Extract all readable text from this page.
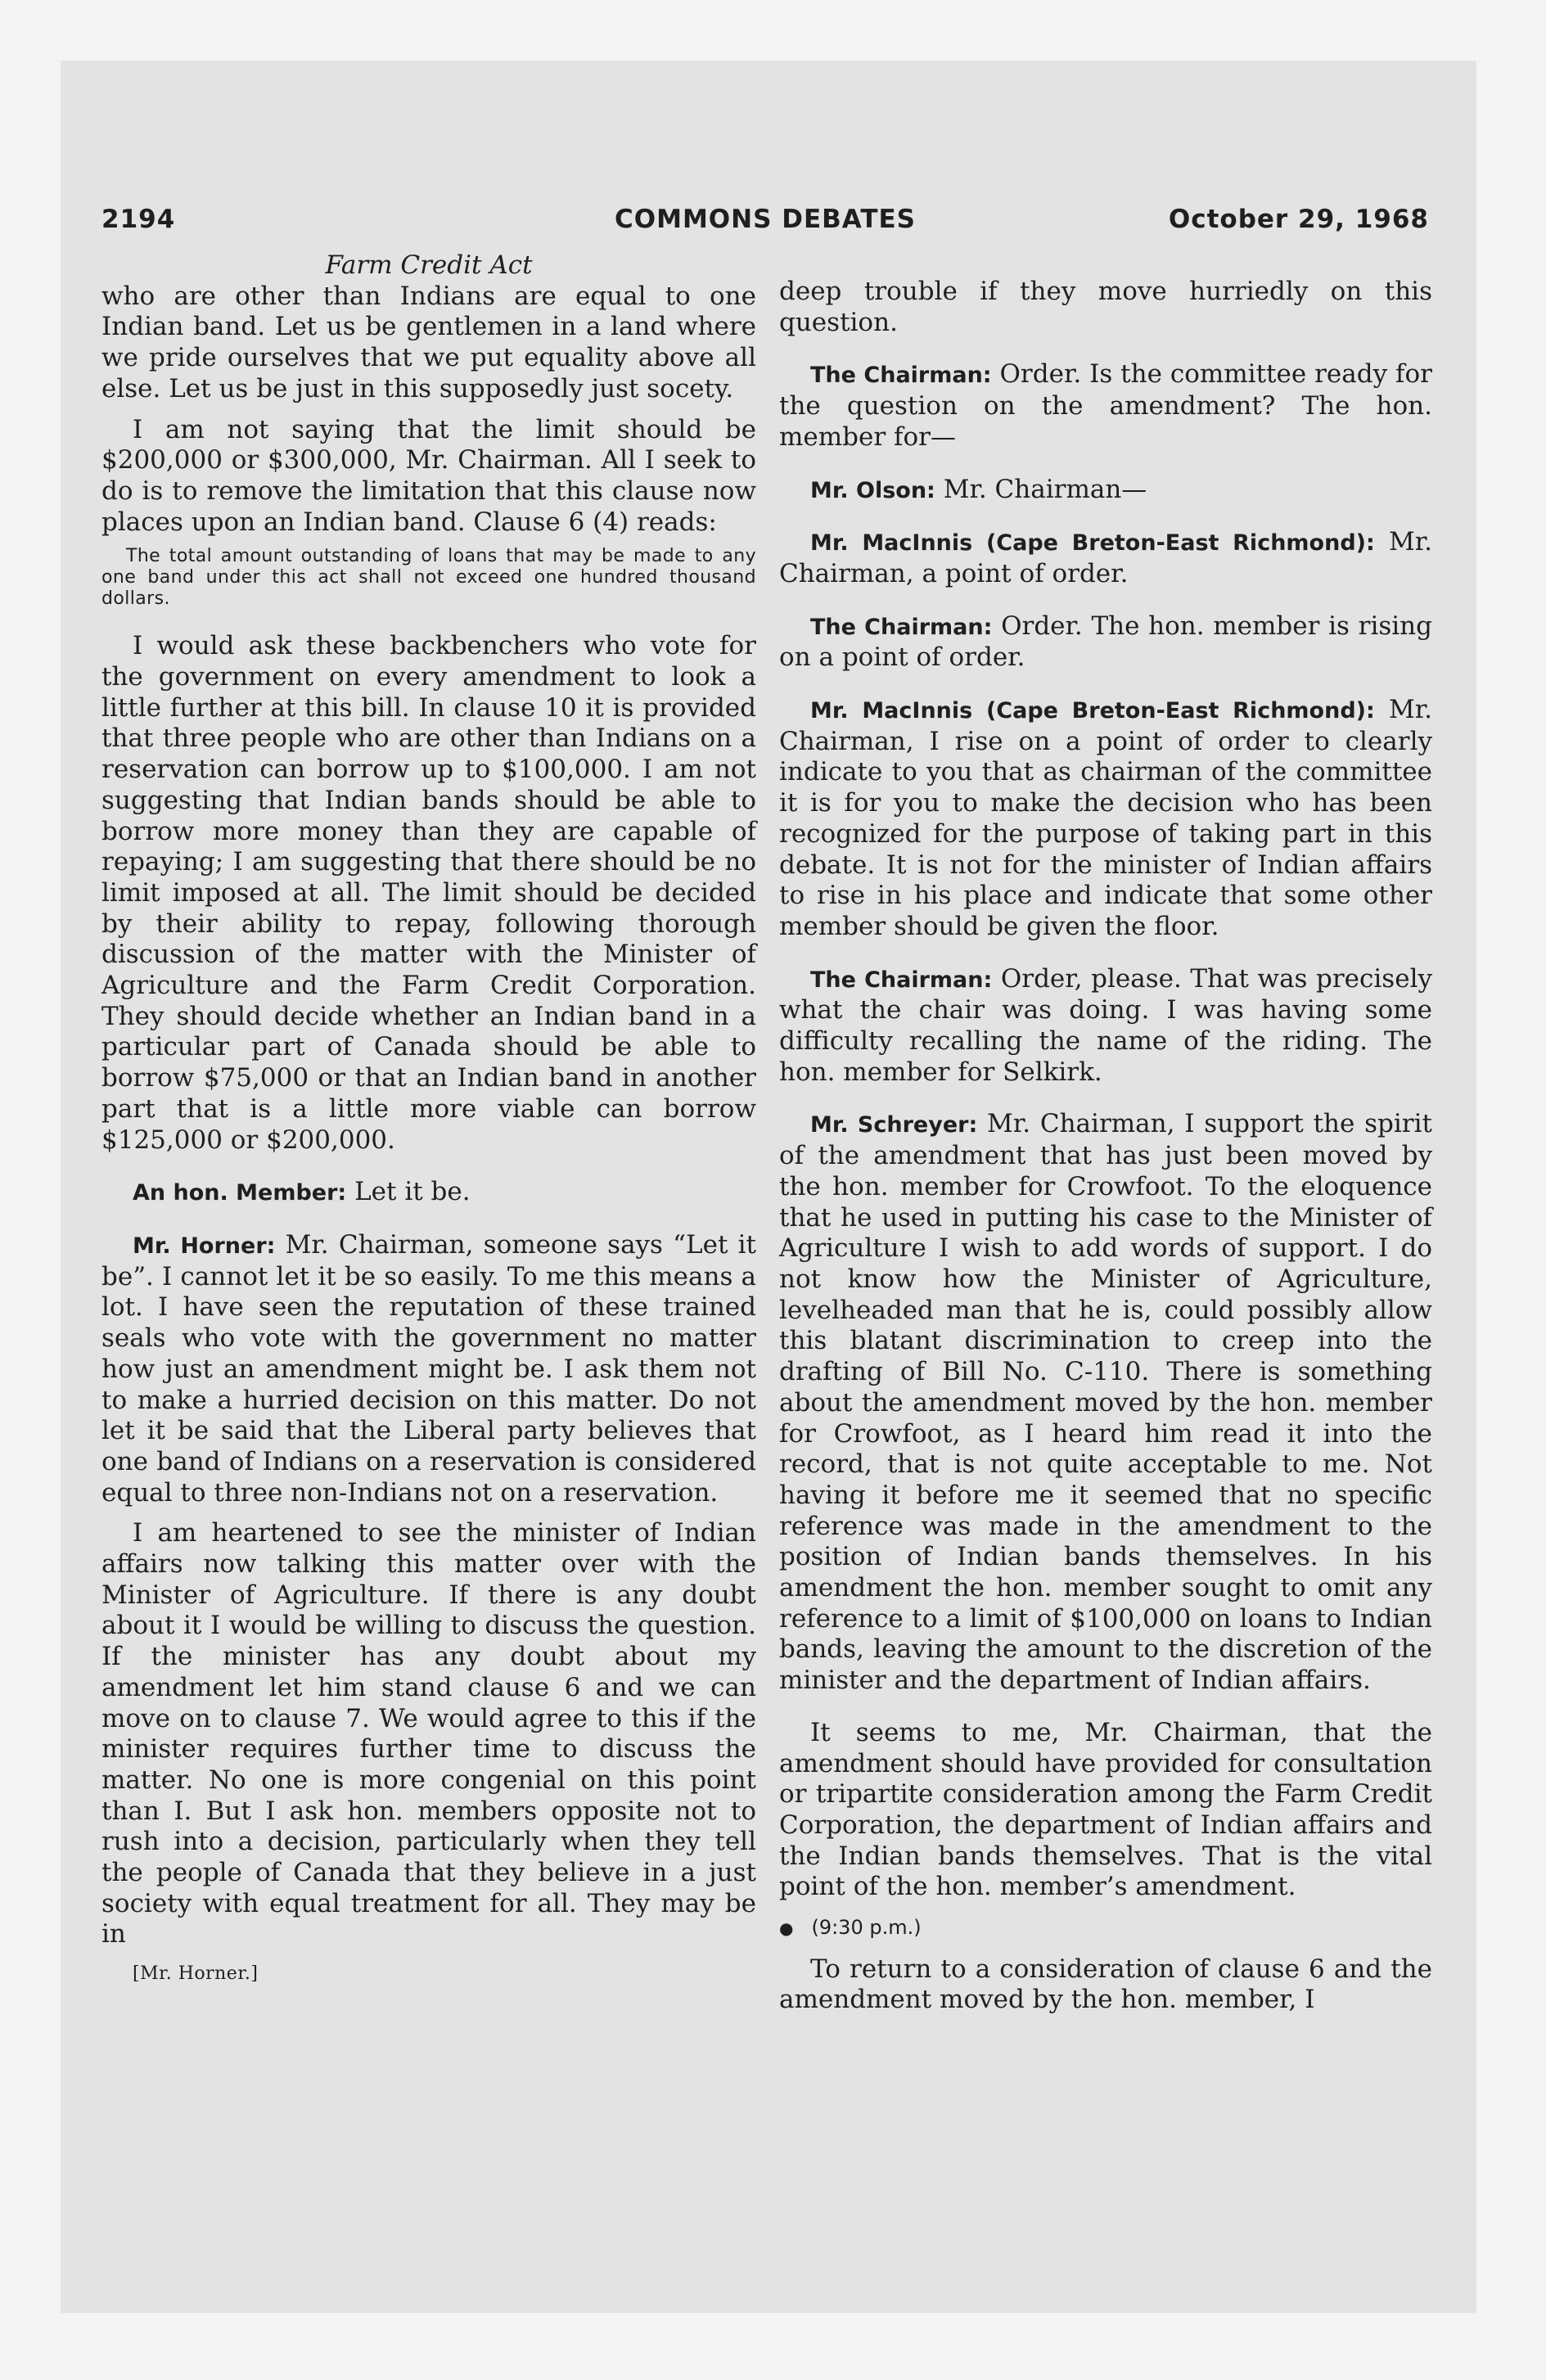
2194	COMMONS DEBATES	October 29, 1968

Farm Credit Act

who are other than Indians are equal to one Indian band. Let us be gentlemen in a land where we pride ourselves that we put equality above all else. Let us be just in this supposedly just socety.

I am not saying that the limit should be $200,000 or $300,000, Mr. Chairman. All I seek to do is to remove the limitation that this clause now places upon an Indian band. Clause 6 (4) reads:

The total amount outstanding of loans that may be made to any one band under this act shall not exceed one hundred thousand dollars.

I would ask these backbenchers who vote for the government on every amendment to look a little further at this bill. In clause 10 it is provided that three people who are other than Indians on a reservation can borrow up to $100,000. I am not suggesting that Indian bands should be able to borrow more money than they are capable of repaying; I am suggesting that there should be no limit imposed at all. The limit should be decided by their ability to repay, following thorough discussion of the matter with the Minister of Agriculture and the Farm Credit Corporation. They should decide whether an Indian band in a particular part of Canada should be able to borrow $75,000 or that an Indian band in another part that is a little more viable can borrow $125,000 or $200,000.

An hon. Member: Let it be.

Mr. Horner: Mr. Chairman, someone says “Let it be”. I cannot let it be so easily. To me this means a lot. I have seen the reputation of these trained seals who vote with the government no matter how just an amendment might be. I ask them not to make a hurried decision on this matter. Do not let it be said that the Liberal party believes that one band of Indians on a reservation is considered equal to three non-Indians not on a reservation.

I am heartened to see the minister of Indian affairs now talking this matter over with the Minister of Agriculture. If there is any doubt about it I would be willing to discuss the question. If the minister has any doubt about my amendment let him stand clause 6 and we can move on to clause 7. We would agree to this if the minister requires further time to discuss the matter. No one is more congenial on this point than I. But I ask hon. members opposite not to rush into a decision, particularly when they tell the people of Canada that they believe in a just society with equal treatment for all. They may be in

[Mr. Horner.]

deep trouble if they move hurriedly on this question.

The Chairman: Order. Is the committee ready for the question on the amendment? The hon. member for—

Mr. Olson: Mr. Chairman—

Mr. MacInnis (Cape Breton-East Richmond): Mr. Chairman, a point of order.

The Chairman: Order. The hon. member is rising on a point of order.

Mr. MacInnis (Cape Breton-East Richmond): Mr. Chairman, I rise on a point of order to clearly indicate to you that as chairman of the committee it is for you to make the decision who has been recognized for the purpose of taking part in this debate. It is not for the minister of Indian affairs to rise in his place and indicate that some other member should be given the floor.

The Chairman: Order, please. That was precisely what the chair was doing. I was having some difficulty recalling the name of the riding. The hon. member for Selkirk.

Mr. Schreyer: Mr. Chairman, I support the spirit of the amendment that has just been moved by the hon. member for Crowfoot. To the eloquence that he used in putting his case to the Minister of Agriculture I wish to add words of support. I do not know how the Minister of Agriculture, levelheaded man that he is, could possibly allow this blatant discrimination to creep into the drafting of Bill No. C-110. There is something about the amendment moved by the hon. member for Crowfoot, as I heard him read it into the record, that is not quite acceptable to me. Not having it before me it seemed that no specific reference was made in the amendment to the position of Indian bands themselves. In his amendment the hon. member sought to omit any reference to a limit of $100,000 on loans to Indian bands, leaving the amount to the discretion of the minister and the department of Indian affairs.

It seems to me, Mr. Chairman, that the amendment should have provided for consultation or tripartite consideration among the Farm Credit Corporation, the department of Indian affairs and the Indian bands themselves. That is the vital point of the hon. member’s amendment.

● (9:30 p.m.)

To return to a consideration of clause 6 and the amendment moved by the hon. member, I
